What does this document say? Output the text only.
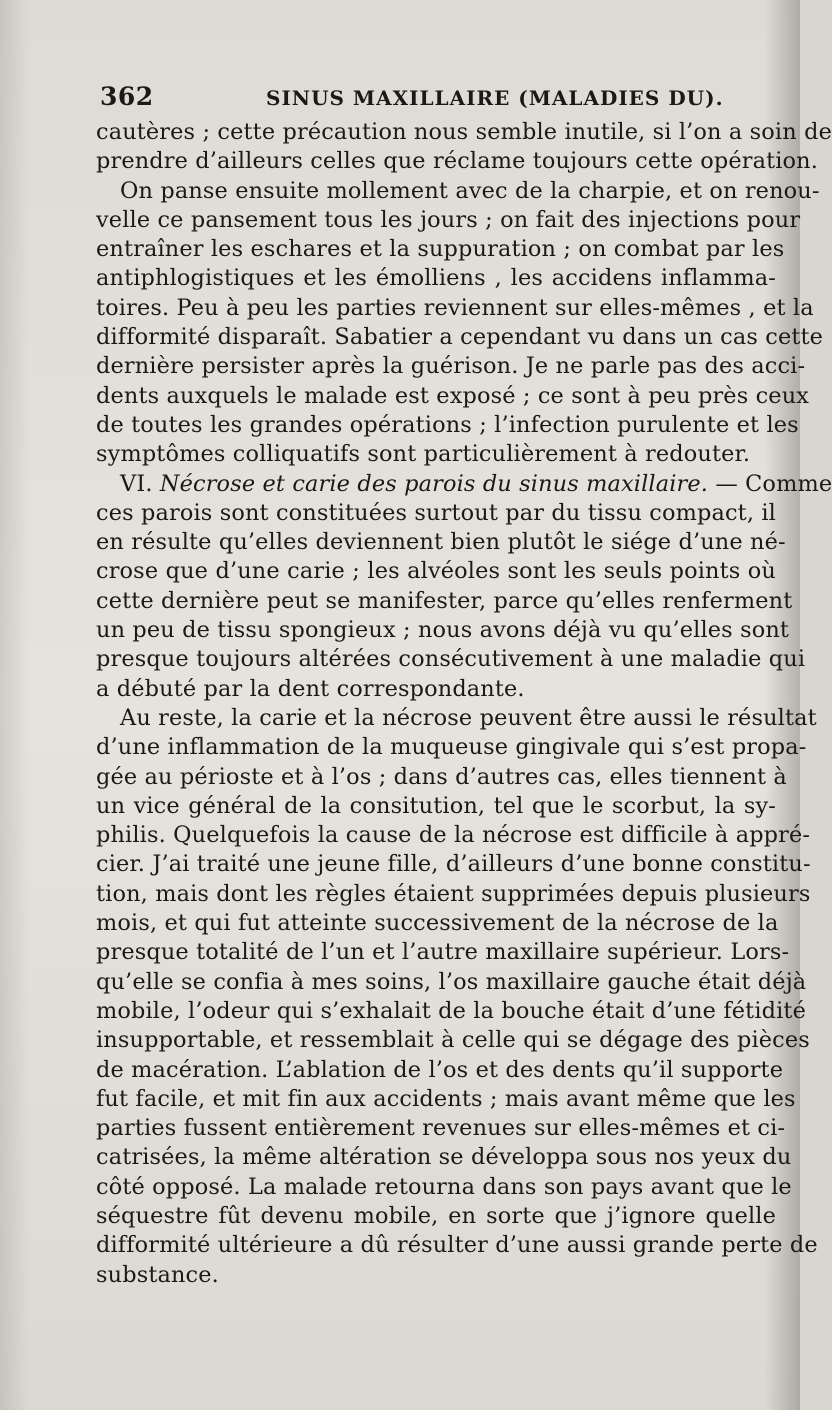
362	SINUS MAXILLAIRE (MALADIES DU).
cautères ; cette précaution nous semble inutile, si l’on a soin de
prendre d’ailleurs celles que réclame toujours cette opération.
On panse ensuite mollement avec de la charpie, et on renou-
velle ce pansement tous les jours ; on fait des injections pour
entraîner les eschares et la suppuration ; on combat par les
antiphlogistiques et les émolliens , les accidens inflamma-
toires. Peu à peu les parties reviennent sur elles-mêmes , et la
difformité disparaît. Sabatier a cependant vu dans un cas cette
dernière persister après la guérison. Je ne parle pas des acci-
dents auxquels le malade est exposé ; ce sont à peu près ceux
de toutes les grandes opérations ; l’infection purulente et les
symptômes colliquatifs sont particulièrement à redouter.
VI. Nécrose et carie des parois du sinus maxillaire. — Comme
ces parois sont constituées surtout par du tissu compact, il
en résulte qu’elles deviennent bien plutôt le siége d’une né-
crose que d’une carie ; les alvéoles sont les seuls points où
cette dernière peut se manifester, parce qu’elles renferment
un peu de tissu spongieux ; nous avons déjà vu qu’elles sont
presque toujours altérées consécutivement à une maladie qui
a débuté par la dent correspondante.
Au reste, la carie et la nécrose peuvent être aussi le résultat
d’une inflammation de la muqueuse gingivale qui s’est propa-
gée au périoste et à l’os ; dans d’autres cas, elles tiennent à
un vice général de la consitution, tel que le scorbut, la sy-
philis. Quelquefois la cause de la nécrose est difficile à appré-
cier. J’ai traité une jeune fille, d’ailleurs d’une bonne constitu-
tion, mais dont les règles étaient supprimées depuis plusieurs
mois, et qui fut atteinte successivement de la nécrose de la
presque totalité de l’un et l’autre maxillaire supérieur. Lors-
qu’elle se confia à mes soins, l’os maxillaire gauche était déjà
mobile, l’odeur qui s’exhalait de la bouche était d’une fétidité
insupportable, et ressemblait à celle qui se dégage des pièces
de macération. L’ablation de l’os et des dents qu’il supporte
fut facile, et mit fin aux accidents ; mais avant même que les
parties fussent entièrement revenues sur elles-mêmes et ci-
catrisées, la même altération se développa sous nos yeux du
côté opposé. La malade retourna dans son pays avant que le
séquestre fût devenu mobile, en sorte que j’ignore quelle
difformité ultérieure a dû résulter d’une aussi grande perte de
substance.
